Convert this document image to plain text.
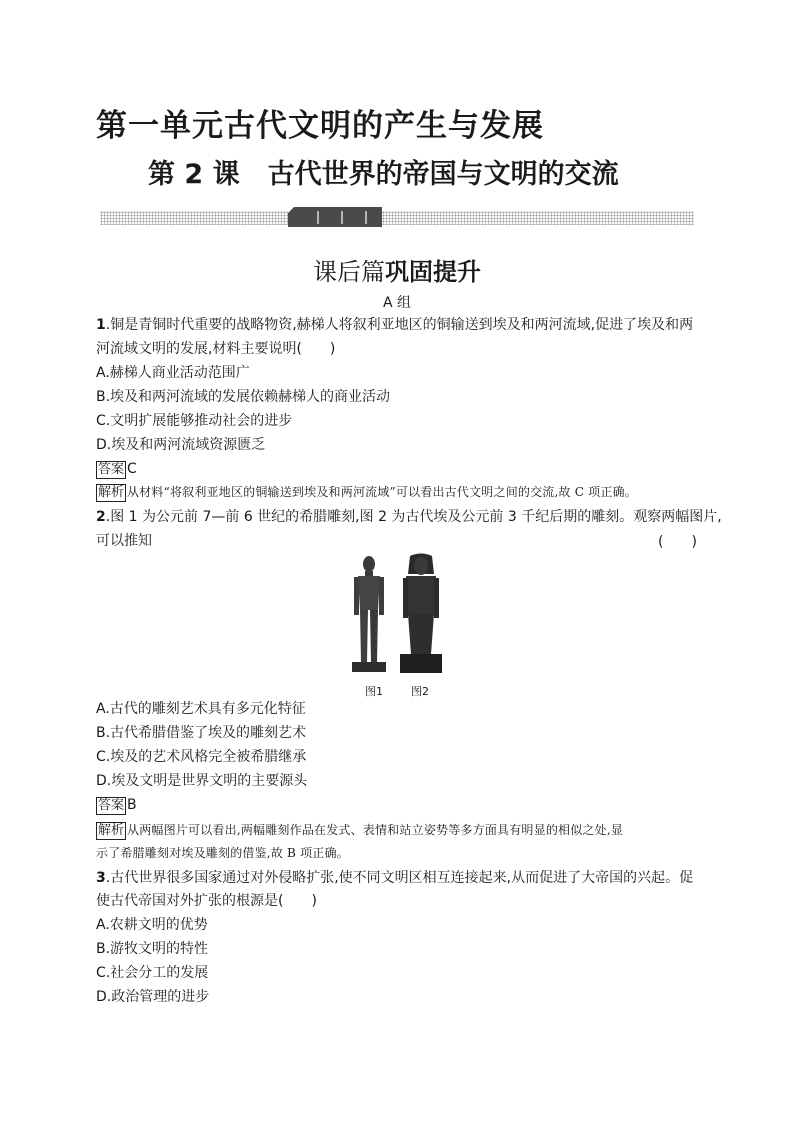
第一单元古代文明的产生与发展
第 2 课 古代世界的帝国与文明的交流
课后篇巩固提升
A 组
1.铜是青铜时代重要的战略物资,赫梯人将叙利亚地区的铜输送到埃及和两河流域,促进了埃及和两
河流域文明的发展,材料主要说明(　　)
A.赫梯人商业活动范围广
B.埃及和两河流域的发展依赖赫梯人的商业活动
C.文明扩展能够推动社会的进步
D.埃及和两河流域资源匮乏
答案 C
解析 从材料“将叙利亚地区的铜输送到埃及和两河流域”可以看出古代文明之间的交流,故 C 项正确。
2.图 1 为公元前 7—前 6 世纪的希腊雕刻,图 2 为古代埃及公元前 3 千纪后期的雕刻。观察两幅图片,
可以推知	(　　)
图1	图2
A.古代的雕刻艺术具有多元化特征
B.古代希腊借鉴了埃及的雕刻艺术
C.埃及的艺术风格完全被希腊继承
D.埃及文明是世界文明的主要源头
答案 B
解析 从两幅图片可以看出,两幅雕刻作品在发式、表情和站立姿势等多方面具有明显的相似之处,显
示了希腊雕刻对埃及雕刻的借鉴,故 B 项正确。
3.古代世界很多国家通过对外侵略扩张,使不同文明区相互连接起来,从而促进了大帝国的兴起。促
使古代帝国对外扩张的根源是(　　)
A.农耕文明的优势
B.游牧文明的特性
C.社会分工的发展
D.政治管理的进步
